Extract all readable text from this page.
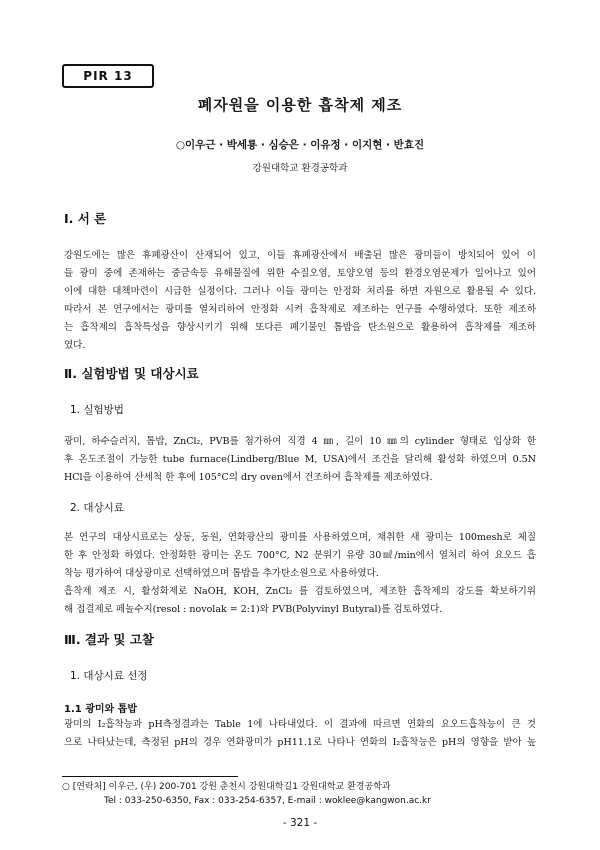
PIR 13
폐자원을 이용한 흡착제 제조
○이우근 · 박세룡 · 심승은 · 이유정 · 이지현 · 반효진
강원대학교 환경공학과
Ⅰ. 서 론
강원도에는 많은 휴폐광산이 산재되어 있고, 이들 휴폐광산에서 배출된 많은 광미들이 방치되어 있어 이
들 광미 중에 존재하는 중금속등 유해물질에 위한 수질오염, 토양오염 등의 환경오염문제가 일어나고 있어
이에 대한 대책마련이 시급한 실정이다. 그러나 이들 광미는 안정화 처리를 하면 자원으로 활용될 수 있다.
따라서 본 연구에서는 광미를 열처리하여 안정화 시켜 흡착제로 제조하는 연구를 수행하였다. 또한 제조하
는 흡착제의 흡착특성을 향상시키기 위해 또다른 폐기물인 톱밥을 탄소원으로 활용하여 흡착제를 제조하
였다.
Ⅱ. 실험방법 및 대상시료
1. 실험방법
광미, 하수슬러지, 톱밥, ZnCl₂, PVB를 첨가하여 직경 4 ㎜, 길이 10 ㎜의 cylinder 형태로 입상화 한
후 온도조절이 가능한 tube furnace(Lindberg/Blue M, USA)에서 조건을 달리해 활성화 하였으며 0.5N
HCl을 이용하여 산세척 한 후에 105°C의 dry oven에서 건조하여 흡착제를 제조하였다.
2. 대상시료
본 연구의 대상시료로는 상동, 동원, 연화광산의 광미를 사용하였으며, 채취한 새 광미는 100mesh로 체질
한 후 안정화 하였다. 안정화한 광미는 온도 700°C, N2 분위기 유량 30㎖/min에서 열처리 하여 요오드 흡
착능 평가하여 대상광미로 선택하였으며 톱밥을 추가탄소원으로 사용하였다.
흡착제 제조 시, 활성화제로 NaOH, KOH, ZnCl₂ 를 검토하였으며, 제조한 흡착제의 강도를 확보하기위
해 접결제로 페놀수지(resol : novolak = 2:1)와 PVB(Polyvinyl Butyral)를 검토하였다.
Ⅲ. 결과 및 고찰
1. 대상시료 선정
1.1 광미와 톱밥
광미의 I₂흡착능과 pH측정결과는 Table 1에 나타내었다. 이 결과에 따르면 연화의 요오드흡착능이 큰 것
으로 나타났는데, 측정된 pH의 경우 연화광미가 pH11.1로 나타나 연화의 I₂흡착능은 pH의 영향을 받아 높
○ [연락처] 이우근, (우) 200-701 강원 춘천시 강원대학길1 강원대학교 환경공학과
Tel : 033-250-6350, Fax : 033-254-6357, E-mail : woklee@kangwon.ac.kr
- 321 -
